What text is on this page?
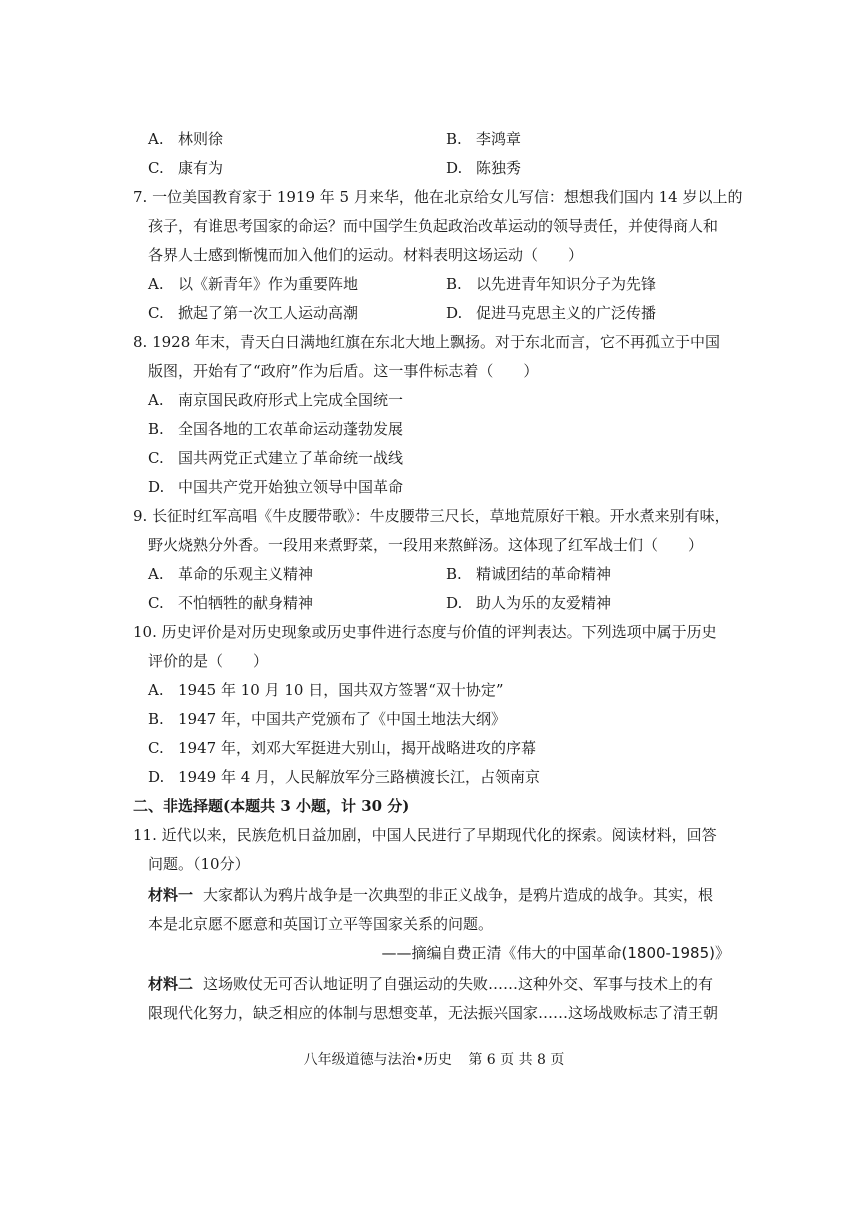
A. 林则徐	B. 李鸿章
C. 康有为	D. 陈独秀
7. 一位美国教育家于 1919 年 5 月来华，他在北京给女儿写信：想想我们国内 14 岁以上的
孩子，有谁思考国家的命运？而中国学生负起政治改革运动的领导责任，并使得商人和
各界人士感到惭愧而加入他们的运动。材料表明这场运动（　　）
A. 以《新青年》作为重要阵地	B. 以先进青年知识分子为先锋
C. 掀起了第一次工人运动高潮	D. 促进马克思主义的广泛传播
8. 1928 年末，青天白日满地红旗在东北大地上飘扬。对于东北而言，它不再孤立于中国
版图，开始有了“政府”作为后盾。这一事件标志着（　　）
A. 南京国民政府形式上完成全国统一
B. 全国各地的工农革命运动蓬勃发展
C. 国共两党正式建立了革命统一战线
D. 中国共产党开始独立领导中国革命
9. 长征时红军高唱《牛皮腰带歌》：牛皮腰带三尺长，草地荒原好干粮。开水煮来别有味，
野火烧熟分外香。一段用来煮野菜，一段用来熬鲜汤。这体现了红军战士们（　　）
A. 革命的乐观主义精神	B. 精诚团结的革命精神
C. 不怕牺牲的献身精神	D. 助人为乐的友爱精神
10. 历史评价是对历史现象或历史事件进行态度与价值的评判表达。下列选项中属于历史
评价的是（　　）
A. 1945 年 10 月 10 日，国共双方签署“双十协定”
B. 1947 年，中国共产党颁布了《中国土地法大纲》
C. 1947 年，刘邓大军挺进大别山，揭开战略进攻的序幕
D. 1949 年 4 月，人民解放军分三路横渡长江，占领南京
二、非选择题(本题共 3 小题，计 30 分)
11. 近代以来，民族危机日益加剧，中国人民进行了早期现代化的探索。阅读材料，回答
问题。（10分）
材料一 大家都认为鸦片战争是一次典型的非正义战争，是鸦片造成的战争。其实，根
本是北京愿不愿意和英国订立平等国家关系的问题。
——摘编自费正清《伟大的中国革命(1800-1985)》
材料二 这场败仗无可否认地证明了自强运动的失败……这种外交、军事与技术上的有
限现代化努力，缺乏相应的体制与思想变革，无法振兴国家……这场战败标志了清王朝
八年级道德与法治•历史 第 6 页 共 8 页
